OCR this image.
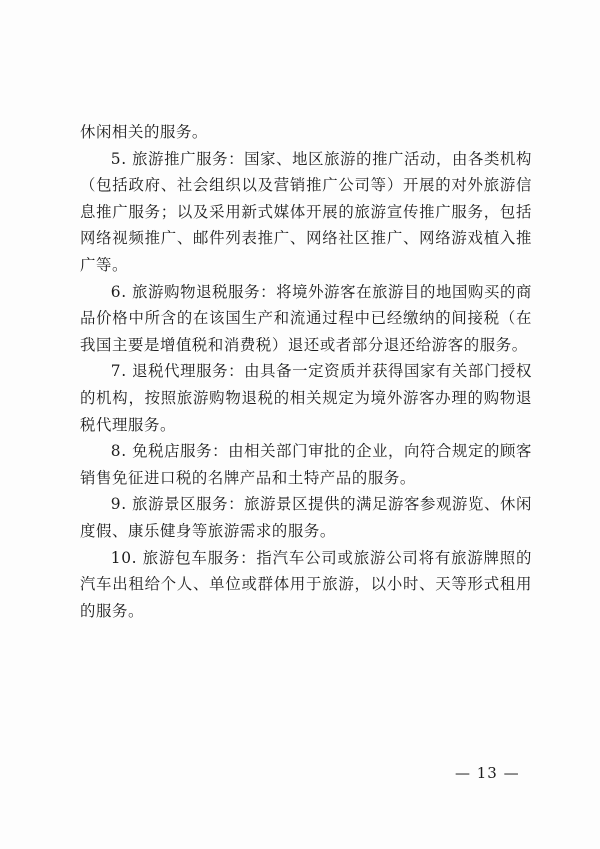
休闲相关的服务。

5. 旅游推广服务：国家、地区旅游的推广活动，由各类机构（包括政府、社会组织以及营销推广公司等）开展的对外旅游信息推广服务；以及采用新式媒体开展的旅游宣传推广服务，包括网络视频推广、邮件列表推广、网络社区推广、网络游戏植入推广等。

6. 旅游购物退税服务：将境外游客在旅游目的地国购买的商品价格中所含的在该国生产和流通过程中已经缴纳的间接税（在我国主要是增值税和消费税）退还或者部分退还给游客的服务。

7. 退税代理服务：由具备一定资质并获得国家有关部门授权的机构，按照旅游购物退税的相关规定为境外游客办理的购物退税代理服务。

8. 免税店服务：由相关部门审批的企业，向符合规定的顾客销售免征进口税的名牌产品和土特产品的服务。

9. 旅游景区服务：旅游景区提供的满足游客参观游览、休闲度假、康乐健身等旅游需求的服务。

10. 旅游包车服务：指汽车公司或旅游公司将有旅游牌照的汽车出租给个人、单位或群体用于旅游，以小时、天等形式租用的服务。

— 13 —
